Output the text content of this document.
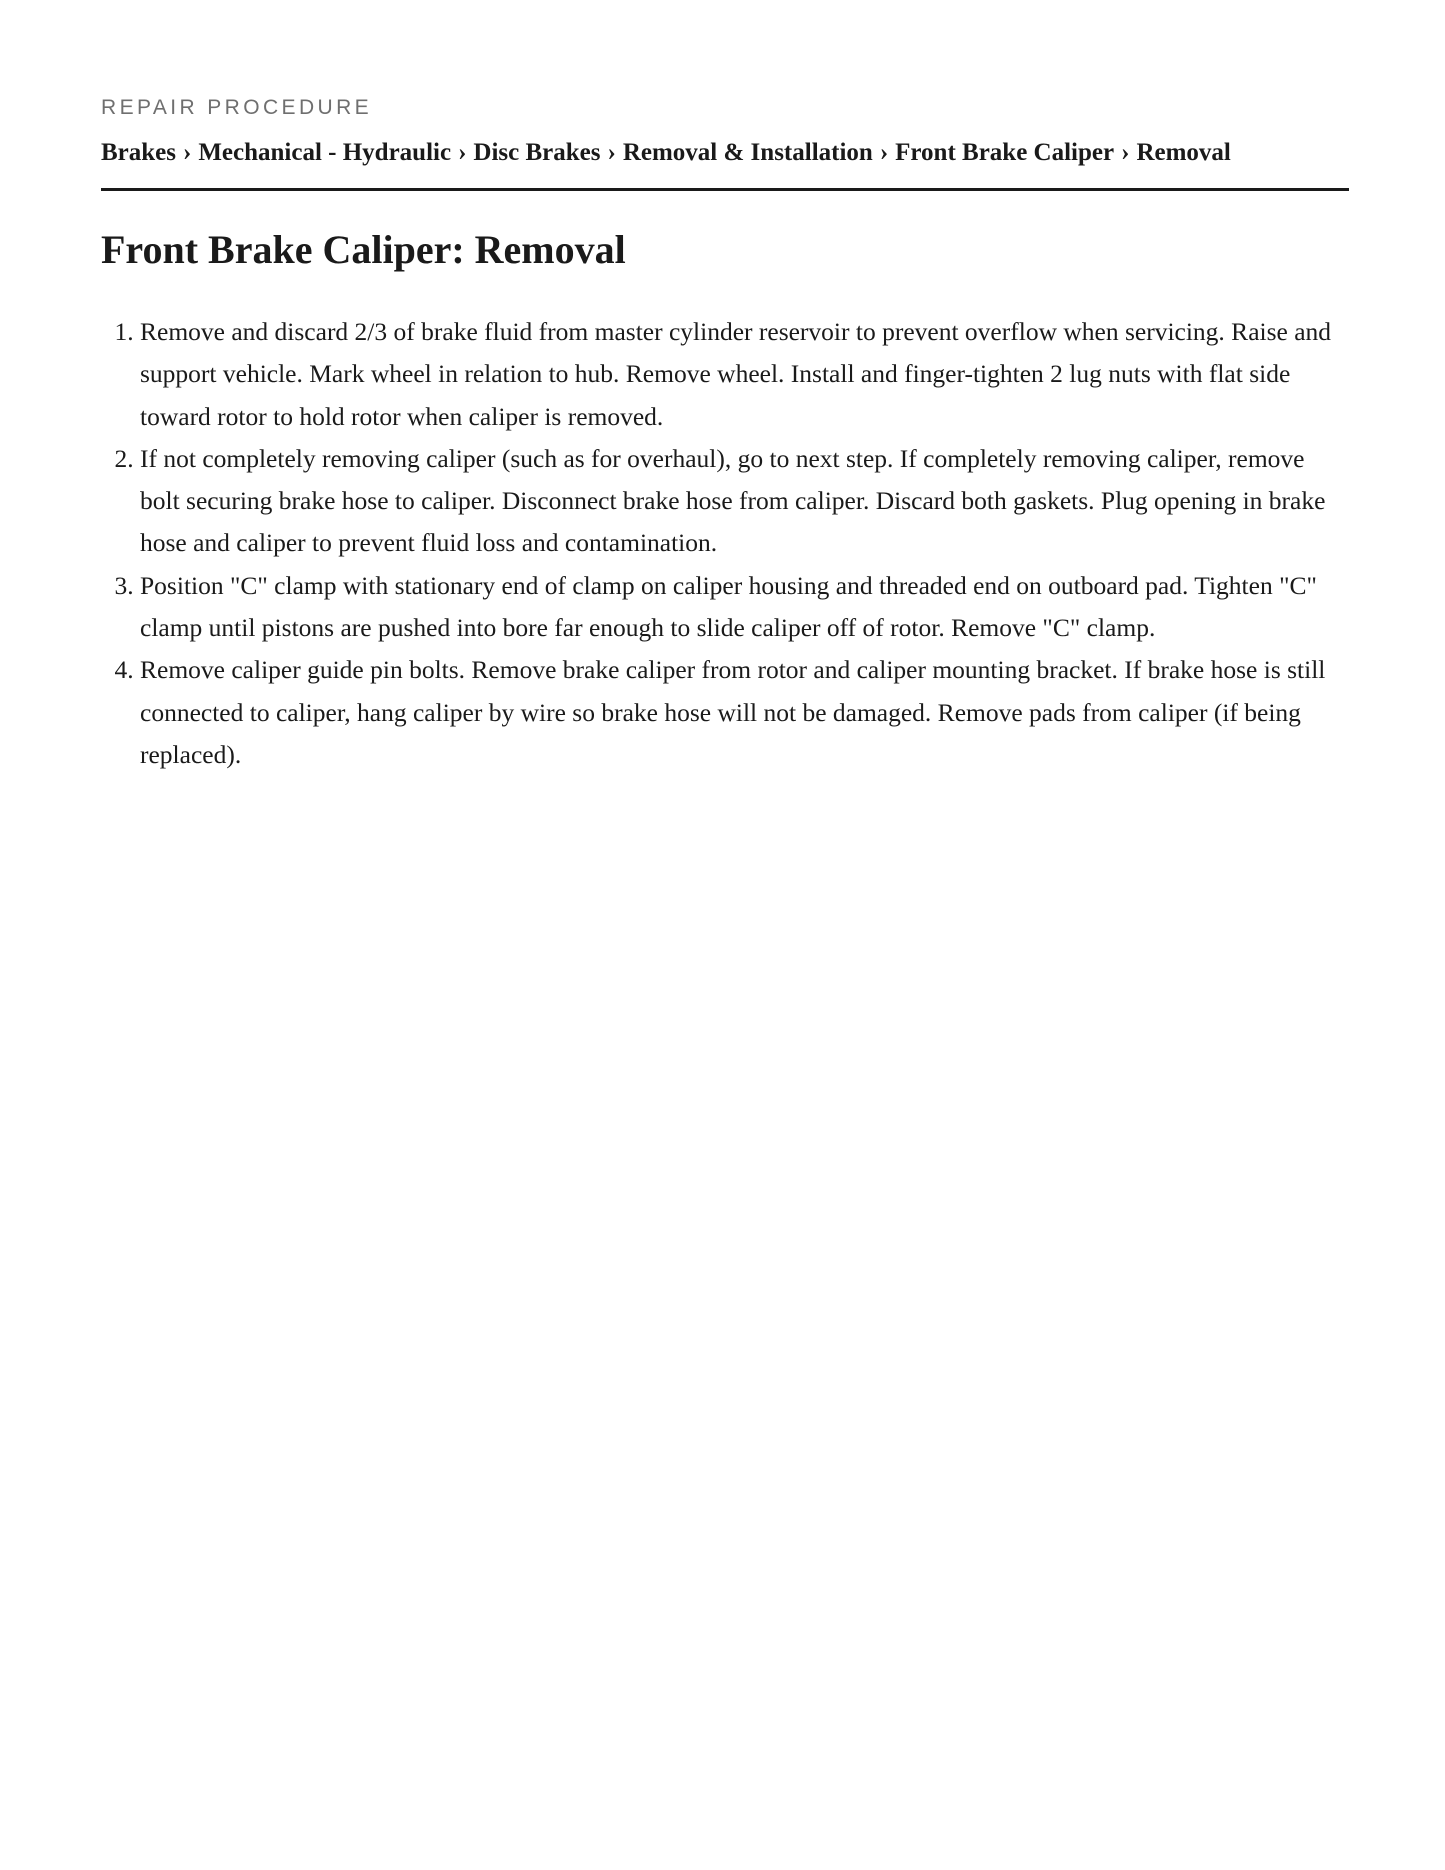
REPAIR PROCEDURE

Brakes › Mechanical - Hydraulic › Disc Brakes › Removal & Installation › Front Brake Caliper › Removal
Front Brake Caliper: Removal
1. Remove and discard 2/3 of brake fluid from master cylinder reservoir to prevent overflow when servicing. Raise and support vehicle. Mark wheel in relation to hub. Remove wheel. Install and finger-tighten 2 lug nuts with flat side toward rotor to hold rotor when caliper is removed.
2. If not completely removing caliper (such as for overhaul), go to next step. If completely removing caliper, remove bolt securing brake hose to caliper. Disconnect brake hose from caliper. Discard both gaskets. Plug opening in brake hose and caliper to prevent fluid loss and contamination.
3. Position "C" clamp with stationary end of clamp on caliper housing and threaded end on outboard pad. Tighten "C" clamp until pistons are pushed into bore far enough to slide caliper off of rotor. Remove "C" clamp.
4. Remove caliper guide pin bolts. Remove brake caliper from rotor and caliper mounting bracket. If brake hose is still connected to caliper, hang caliper by wire so brake hose will not be damaged. Remove pads from caliper (if being replaced).
